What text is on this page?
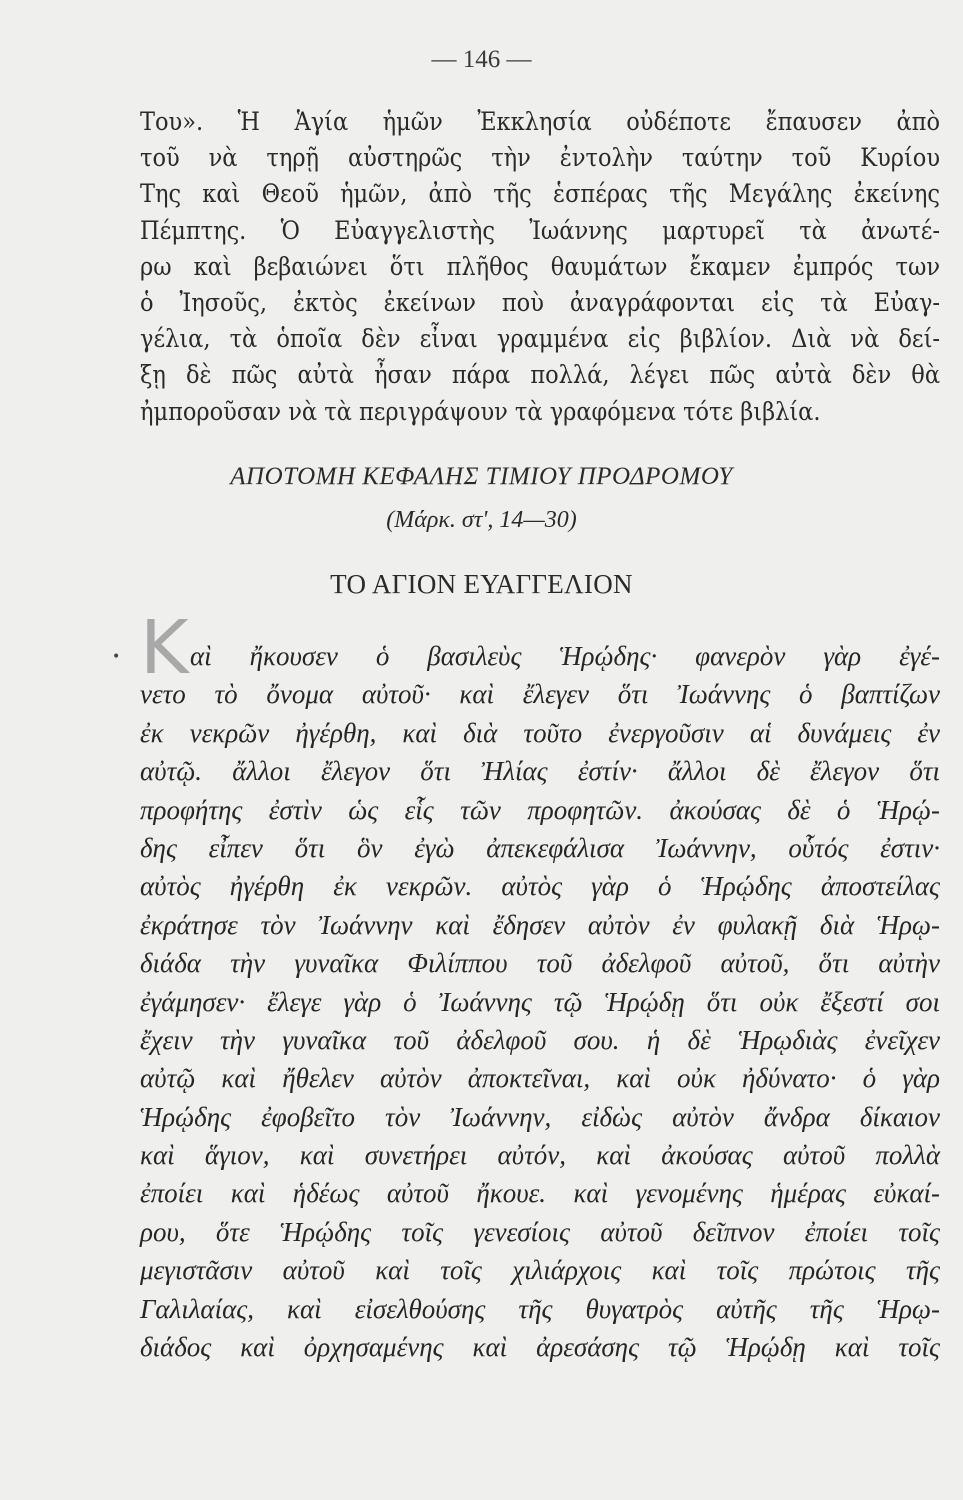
— 146 —
Του». Ἡ Ἁγία ἡμῶν Ἐκκλησία οὐδέποτε ἔπαυσεν ἀπὸ
τοῦ νὰ τηρῇ αὐστηρῶς τὴν ἐντολὴν ταύτην τοῦ Κυρίου
Της καὶ Θεοῦ ἡμῶν, ἀπὸ τῆς ἑσπέρας τῆς Μεγάλης ἐκείνης
Πέμπτης. Ὁ Εὐαγγελιστὴς Ἰωάννης μαρτυρεῖ τὰ ἀνωτέ-
ρω καὶ βεβαιώνει ὅτι πλῆθος θαυμάτων ἔκαμεν ἐμπρός των
ὁ Ἰησοῦς, ἐκτὸς ἐκείνων ποὺ ἀναγράφονται εἰς τὰ Εὐαγ-
γέλια, τὰ ὁποῖα δὲν εἶναι γραμμένα εἰς βιβλίον. Διὰ νὰ δεί-
ξῃ δὲ πῶς αὐτὰ ἦσαν πάρα πολλά, λέγει πῶς αὐτὰ δὲν θὰ
ἠμποροῦσαν νὰ τὰ περιγράψουν τὰ γραφόμενα τότε βιβλία.
ΑΠΟΤΟΜΗ ΚΕΦΑΛΗΣ ΤΙΜΙΟΥ ΠΡΟΔΡΟΜΟΥ
(Μάρκ. στ', 14—30)
ΤΟ ΑΓΙΟΝ ΕΥΑΓΓΕΛΙΟΝ
• Κ αὶ ἤκουσεν ὁ βασιλεὺς Ἡρῴδης· φανερὸν γὰρ ἐγέ-
νετο τὸ ὄνομα αὐτοῦ· καὶ ἔλεγεν ὅτι Ἰωάννης ὁ βαπτίζων
ἐκ νεκρῶν ἠγέρθη, καὶ διὰ τοῦτο ἐνεργοῦσιν αἱ δυνάμεις ἐν
αὐτῷ. ἄλλοι ἔλεγον ὅτι Ἠλίας ἐστίν· ἄλλοι δὲ ἔλεγον ὅτι
προφήτης ἐστὶν ὡς εἷς τῶν προφητῶν. ἀκούσας δὲ ὁ Ἡρῴ-
δης εἶπεν ὅτι ὃν ἐγὼ ἀπεκεφάλισα Ἰωάννην, οὗτός ἐστιν·
αὐτὸς ἠγέρθη ἐκ νεκρῶν. αὐτὸς γὰρ ὁ Ἡρῴδης ἀποστείλας
ἐκράτησε τὸν Ἰωάννην καὶ ἔδησεν αὐτὸν ἐν φυλακῇ διὰ Ἡρῳ-
διάδα τὴν γυναῖκα Φιλίππου τοῦ ἀδελφοῦ αὐτοῦ, ὅτι αὐτὴν
ἐγάμησεν· ἔλεγε γὰρ ὁ Ἰωάννης τῷ Ἡρῴδῃ ὅτι οὐκ ἔξεστί σοι
ἔχειν τὴν γυναῖκα τοῦ ἀδελφοῦ σου. ἡ δὲ Ἡρῳδιὰς ἐνεῖχεν
αὐτῷ καὶ ἤθελεν αὐτὸν ἀποκτεῖναι, καὶ οὐκ ἠδύνατο· ὁ γὰρ
Ἡρῴδης ἐφοβεῖτο τὸν Ἰωάννην, εἰδὼς αὐτὸν ἄνδρα δίκαιον
καὶ ἅγιον, καὶ συνετήρει αὐτόν, καὶ ἀκούσας αὐτοῦ πολλὰ
ἐποίει καὶ ἡδέως αὐτοῦ ἤκουε. καὶ γενομένης ἡμέρας εὐκαί-
ρου, ὅτε Ἡρῴδης τοῖς γενεσίοις αὐτοῦ δεῖπνον ἐποίει τοῖς
μεγιστᾶσιν αὐτοῦ καὶ τοῖς χιλιάρχοις καὶ τοῖς πρώτοις τῆς
Γαλιλαίας, καὶ εἰσελθούσης τῆς θυγατρὸς αὐτῆς τῆς Ἡρῳ-
διάδος καὶ ὀρχησαμένης καὶ ἀρεσάσης τῷ Ἡρῴδῃ καὶ τοῖς
